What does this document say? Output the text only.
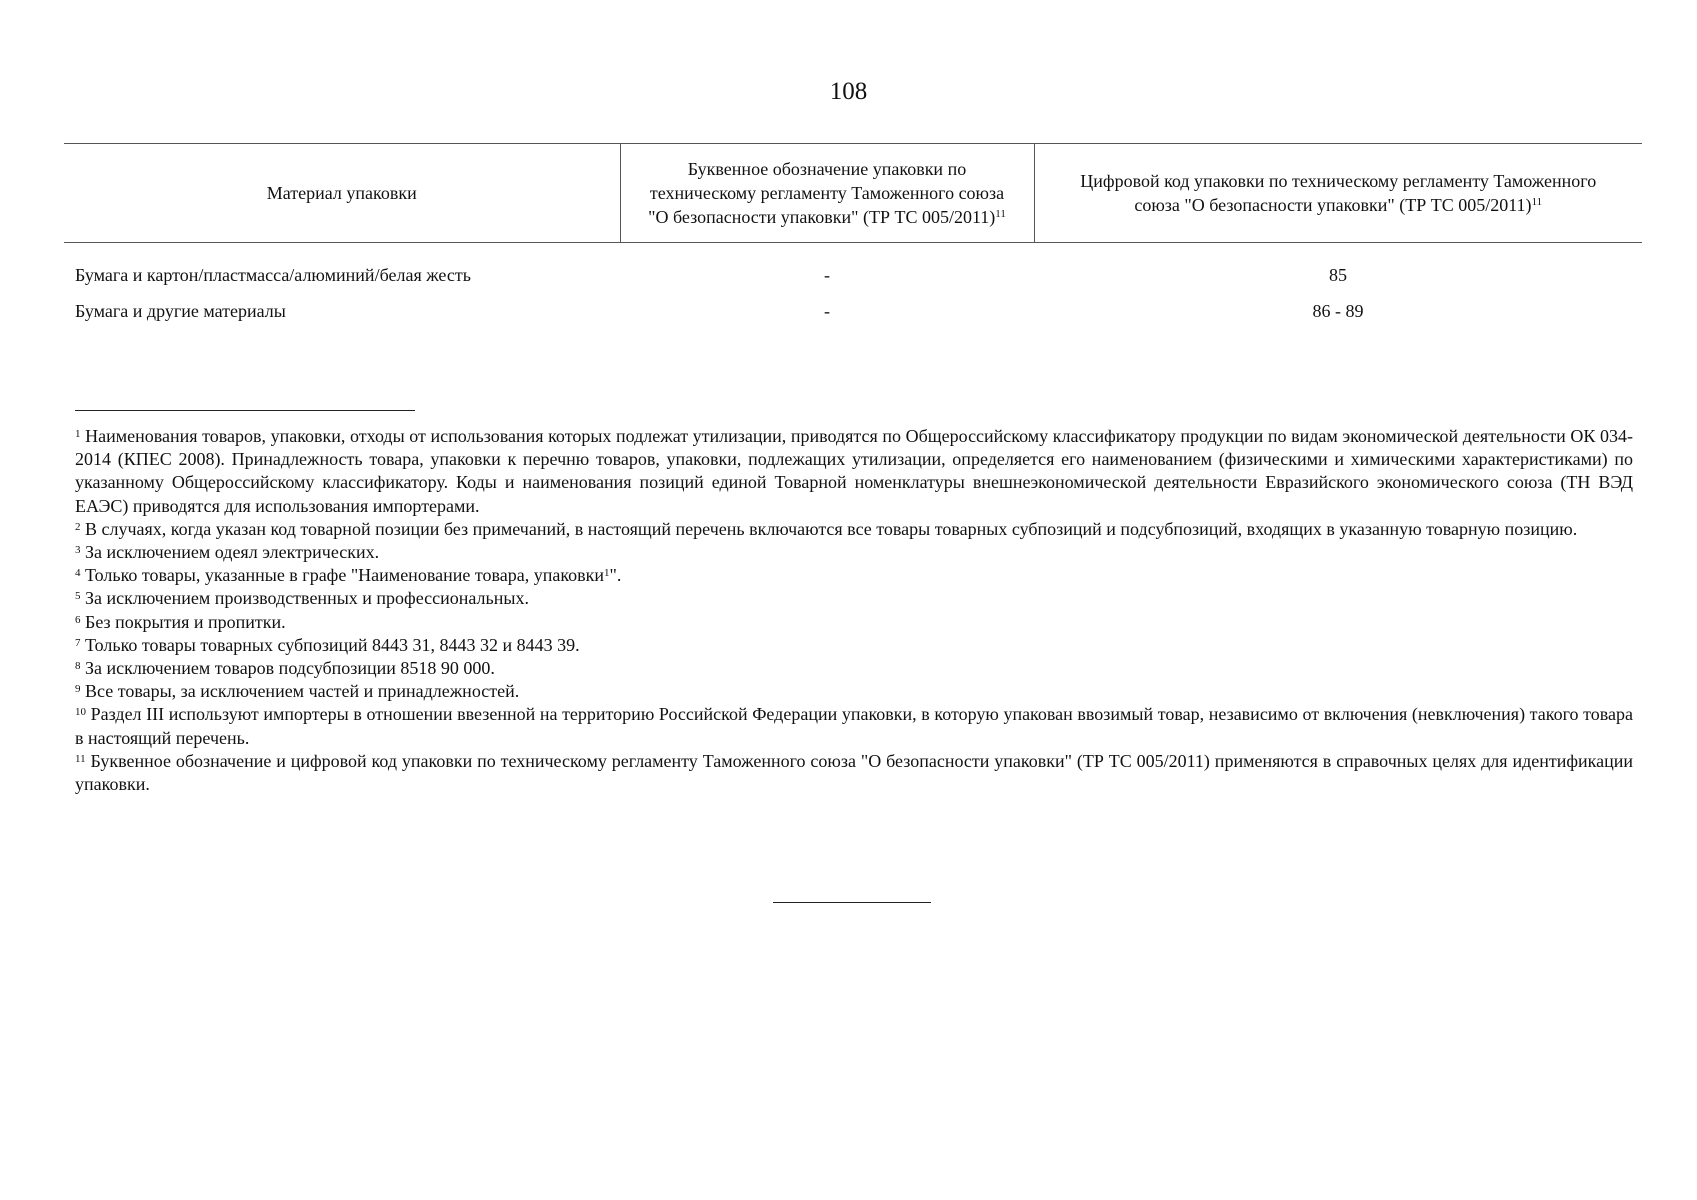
108
Материал упаковки	Буквенное обозначение упаковки по техническому регламенту Таможенного союза "О безопасности упаковки" (ТР ТС 005/2011)$^{11}$	Цифровой код упаковки по техническому регламенту Таможенного союза "О безопасности упаковки" (ТР ТС 005/2011)$^{11}$

Бумага и картон/пластмасса/алюминий/белая жесть	-	85
Бумага и другие материалы	-	86 - 89

$^1$ Наименования товаров, упаковки, отходы от использования которых подлежат утилизации, приводятся по Общероссийскому классификатору продукции по видам экономической деятельности ОК 034-2014 (КПЕС 2008). Принадлежность товара, упаковки к перечню товаров, упаковки, подлежащих утилизации, определяется его наименованием (физическими и химическими характеристиками) по указанному Общероссийскому классификатору. Коды и наименования позиций единой Товарной номенклатуры внешнеэкономической деятельности Евразийского экономического союза (ТН ВЭД ЕАЭС) приводятся для использования импортерами.

$^2$ В случаях, когда указан код товарной позиции без примечаний, в настоящий перечень включаются все товары товарных субпозиций и подсубпозиций, входящих в указанную товарную позицию.

$^3$ За исключением одеял электрических.

$^4$ Только товары, указанные в графе "Наименование товара, упаковки$^1$".

$^5$ За исключением производственных и профессиональных.

$^6$ Без покрытия и пропитки.

$^7$ Только товары товарных субпозиций 8443 31, 8443 32 и 8443 39.

$^8$ За исключением товаров подсубпозиции 8518 90 000.

$^9$ Все товары, за исключением частей и принадлежностей.

$^{10}$ Раздел III используют импортеры в отношении ввезенной на территорию Российской Федерации упаковки, в которую упакован ввозимый товар, независимо от включения (невключения) такого товара в настоящий перечень.

$^{11}$ Буквенное обозначение и цифровой код упаковки по техническому регламенту Таможенного союза "О безопасности упаковки" (ТР ТС 005/2011) применяются в справочных целях для идентификации упаковки.
